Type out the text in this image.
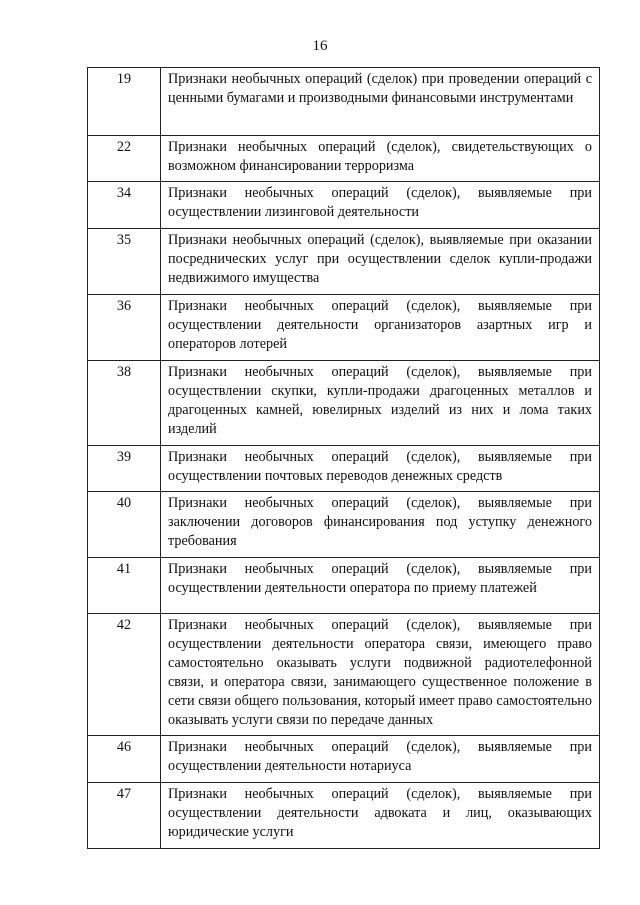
16
19	Признаки необычных операций (сделок) при проведении операций с ценными бумагами и производными финансовыми инструментами
22	Признаки необычных операций (сделок), свидетельствующих о возможном финансировании терроризма
34	Признаки необычных операций (сделок), выявляемые при осуществлении лизинговой деятельности
35	Признаки необычных операций (сделок), выявляемые при оказании посреднических услуг при осуществлении сделок купли-продажи недвижимого имущества
36	Признаки необычных операций (сделок), выявляемые при осуществлении деятельности организаторов азартных игр и операторов лотерей
38	Признаки необычных операций (сделок), выявляемые при осуществлении скупки, купли-продажи драгоценных металлов и драгоценных камней, ювелирных изделий из них и лома таких изделий
39	Признаки необычных операций (сделок), выявляемые при осуществлении почтовых переводов денежных средств
40	Признаки необычных операций (сделок), выявляемые при заключении договоров финансирования под уступку денежного требования
41	Признаки необычных операций (сделок), выявляемые при осуществлении деятельности оператора по приему платежей
42	Признаки необычных операций (сделок), выявляемые при осуществлении деятельности оператора связи, имеющего право самостоятельно оказывать услуги подвижной радиотелефонной связи, и оператора связи, занимающего существенное положение в сети связи общего пользования, который имеет право самостоятельно оказывать услуги связи по передаче данных
46	Признаки необычных операций (сделок), выявляемые при осуществлении деятельности нотариуса
47	Признаки необычных операций (сделок), выявляемые при осуществлении деятельности адвоката и лиц, оказывающих юридические услуги
